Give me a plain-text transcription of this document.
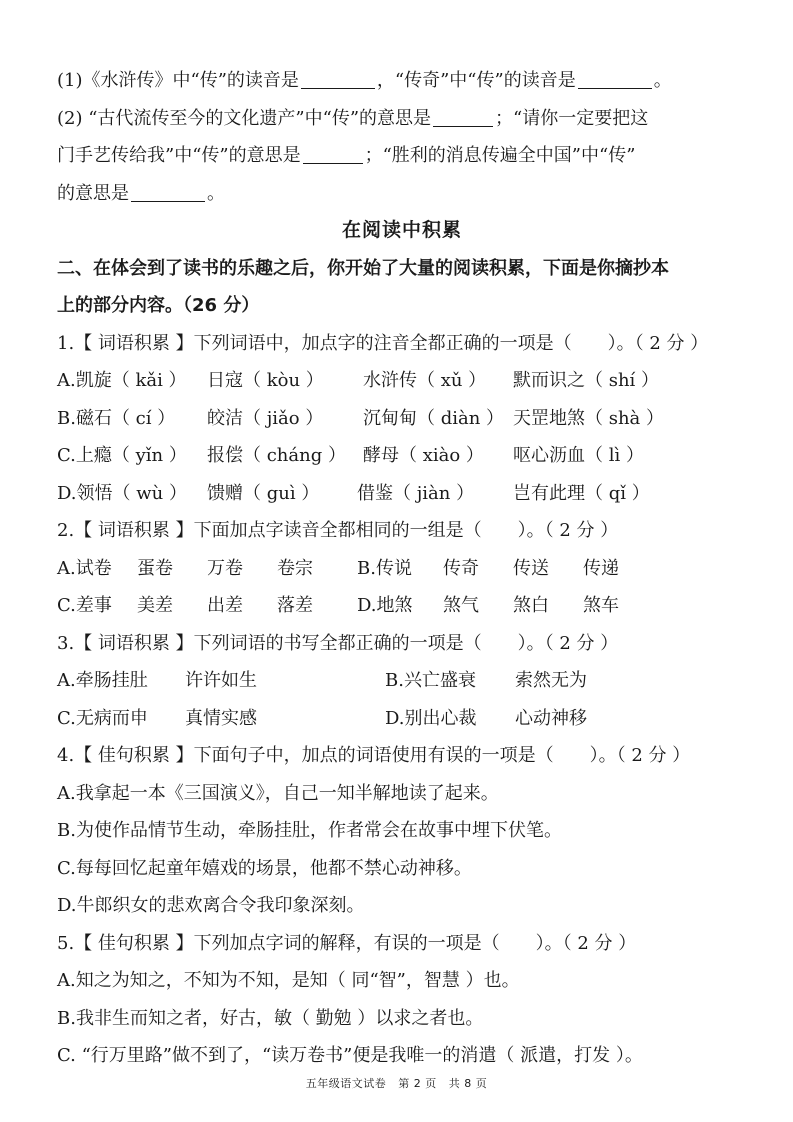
(1)《水浒传》中“传”的读音是	，“传奇”中“传”的读音是	。
(2) “古代流传至今的文化遗产”中“传”的意思是	；“请你一定要把这
门手艺传给我”中“传”的意思是	；“胜利的消息传遍全中国”中“传”
的意思是	。
在阅读中积累
二、在体会到了读书的乐趣之后，你开始了大量的阅读积累，下面是你摘抄本
上的部分内容。（26 分）
1.【 词语积累 】下列词语中，加点字的注音全都正确的一项是（　　）。（ 2 分 ）
A.凯旋（ kǎi ）	日寇（ kòu ）	水浒传（ xǔ ）	默而识之（ shí ）
B.磁石（ cí ）	皎洁（ jiǎo ）	沉甸甸（ diàn ） 天罡地煞（ shà ）
C.上瘾（ yǐn ）	报偿（ cháng ） 酵母（ xiào ）	呕心沥血（ lì ）
D.领悟（ wù ）	馈赠（ guì ）	借鉴（ jiàn ）	岂有此理（ qǐ ）
2.【 词语积累 】下面加点字读音全都相同的一组是（　　）。（ 2 分 ）
A.试卷	蛋卷	万卷	卷宗	B.传说	传奇	传送	传递
C.差事	美差	出差	落差	D.地煞	煞气	煞白	煞车
3.【 词语积累 】下列词语的书写全都正确的一项是（　　）。（ 2 分 ）
A.牵肠挂肚	许许如生	B.兴亡盛衰	索然无为
C.无病而申	真情实感	D.别出心裁	心动神移
4.【 佳句积累 】下面句子中，加点的词语使用有误的一项是（　　）。（ 2 分 ）
A.我拿起一本《三国演义》，自己一知半解地读了起来。
B.为使作品情节生动，牵肠挂肚，作者常会在故事中埋下伏笔。
C.每每回忆起童年嬉戏的场景，他都不禁心动神移。
D.牛郎织女的悲欢离合令我印象深刻。
5.【 佳句积累 】下列加点字词的解释，有误的一项是（　　）。（ 2 分 ）
A.知之为知之，不知为不知，是知（ 同“智”，智慧 ）也。
B.我非生而知之者，好古，敏（ 勤勉 ）以求之者也。
C. “行万里路”做不到了，“读万卷书”便是我唯一的消遣（ 派遣，打发 ）。
五年级语文试卷 第 2 页 共 8 页
